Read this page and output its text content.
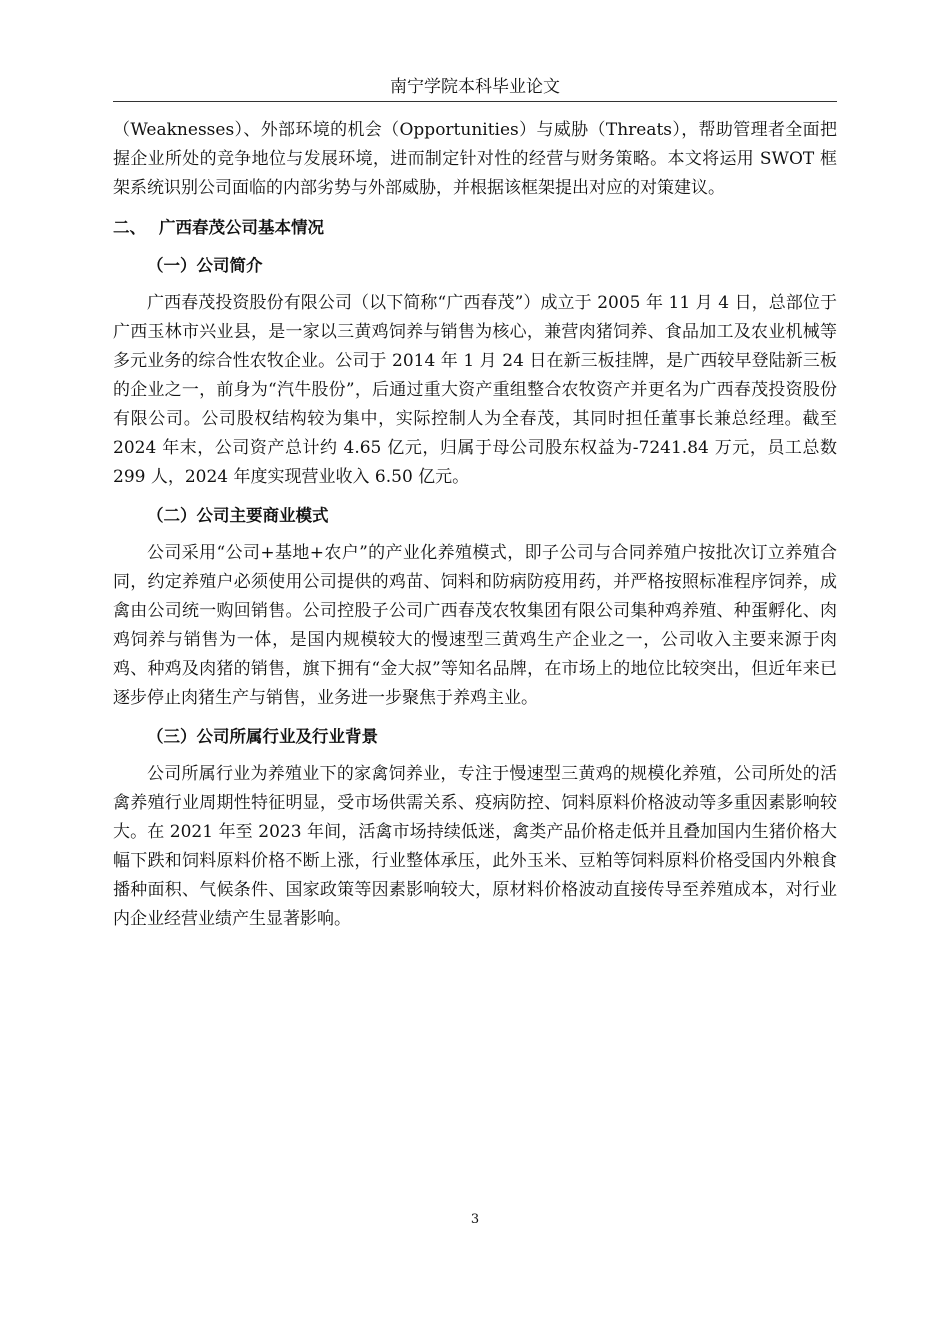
南宁学院本科毕业论文

（Weaknesses）、外部环境的机会（Opportunities）与威胁（Threats），帮助管理者全面把握企业所处的竞争地位与发展环境，进而制定针对性的经营与财务策略。本文将运用 SWOT 框架系统识别公司面临的内部劣势与外部威胁，并根据该框架提出对应的对策建议。

二、 广西春茂公司基本情况
（一）公司简介

广西春茂投资股份有限公司（以下简称“广西春茂”）成立于 2005 年 11 月 4 日，总部位于广西玉林市兴业县，是一家以三黄鸡饲养与销售为核心，兼营肉猪饲养、食品加工及农业机械等多元业务的综合性农牧企业。公司于 2014 年 1 月 24 日在新三板挂牌，是广西较早登陆新三板的企业之一，前身为“汽牛股份”，后通过重大资产重组整合农牧资产并更名为广西春茂投资股份有限公司。公司股权结构较为集中，实际控制人为全春茂，其同时担任董事长兼总经理。截至 2024 年末，公司资产总计约 4.65 亿元，归属于母公司股东权益为-7241.84 万元，员工总数 299 人，2024 年度实现营业收入 6.50 亿元。

（二）公司主要商业模式

公司采用“公司+基地+农户”的产业化养殖模式，即子公司与合同养殖户按批次订立养殖合同，约定养殖户必须使用公司提供的鸡苗、饲料和防病防疫用药，并严格按照标准程序饲养，成禽由公司统一购回销售。公司控股子公司广西春茂农牧集团有限公司集种鸡养殖、种蛋孵化、肉鸡饲养与销售为一体，是国内规模较大的慢速型三黄鸡生产企业之一，公司收入主要来源于肉鸡、种鸡及肉猪的销售，旗下拥有“金大叔”等知名品牌，在市场上的地位比较突出，但近年来已逐步停止肉猪生产与销售，业务进一步聚焦于养鸡主业。

（三）公司所属行业及行业背景

公司所属行业为养殖业下的家禽饲养业，专注于慢速型三黄鸡的规模化养殖，公司所处的活禽养殖行业周期性特征明显，受市场供需关系、疫病防控、饲料原料价格波动等多重因素影响较大。在 2021 年至 2023 年间，活禽市场持续低迷，禽类产品价格走低并且叠加国内生猪价格大幅下跌和饲料原料价格不断上涨，行业整体承压，此外玉米、豆粕等饲料原料价格受国内外粮食播种面积、气候条件、国家政策等因素影响较大，原材料价格波动直接传导至养殖成本，对行业内企业经营业绩产生显著影响。

3
